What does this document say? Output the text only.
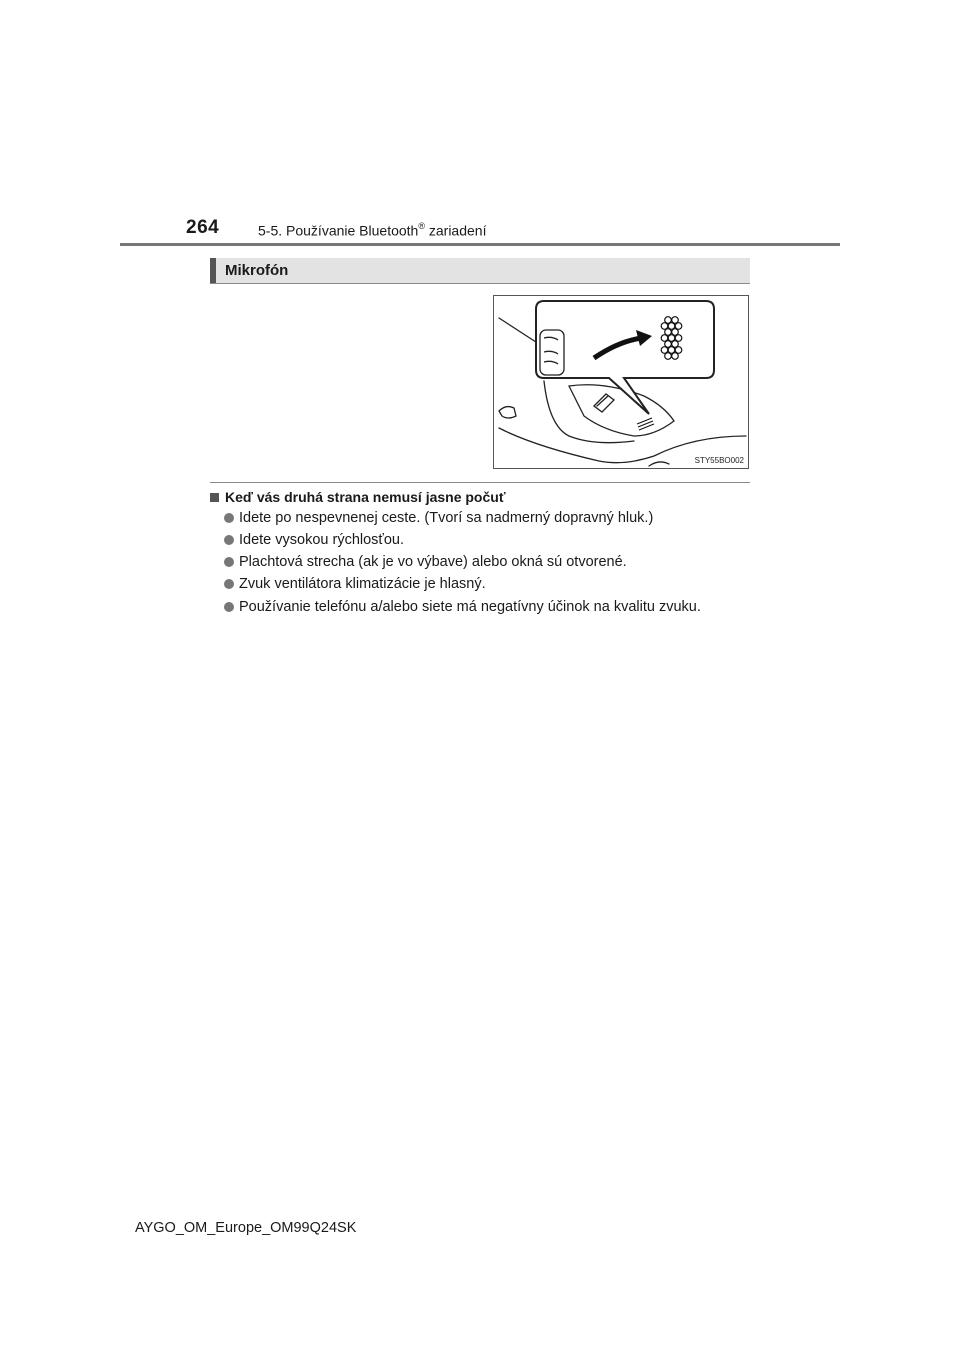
264	5-5. Používanie Bluetooth® zariadení
Mikrofón
STY55BO002
Keď vás druhá strana nemusí jasne počuť
Idete po nespevnenej ceste. (Tvorí sa nadmerný dopravný hluk.)
Idete vysokou rýchlosťou.
Plachtová strecha (ak je vo výbave) alebo okná sú otvorené.
Zvuk ventilátora klimatizácie je hlasný.
Používanie telefónu a/alebo siete má negatívny účinok na kvalitu zvuku.
AYGO_OM_Europe_OM99Q24SK
